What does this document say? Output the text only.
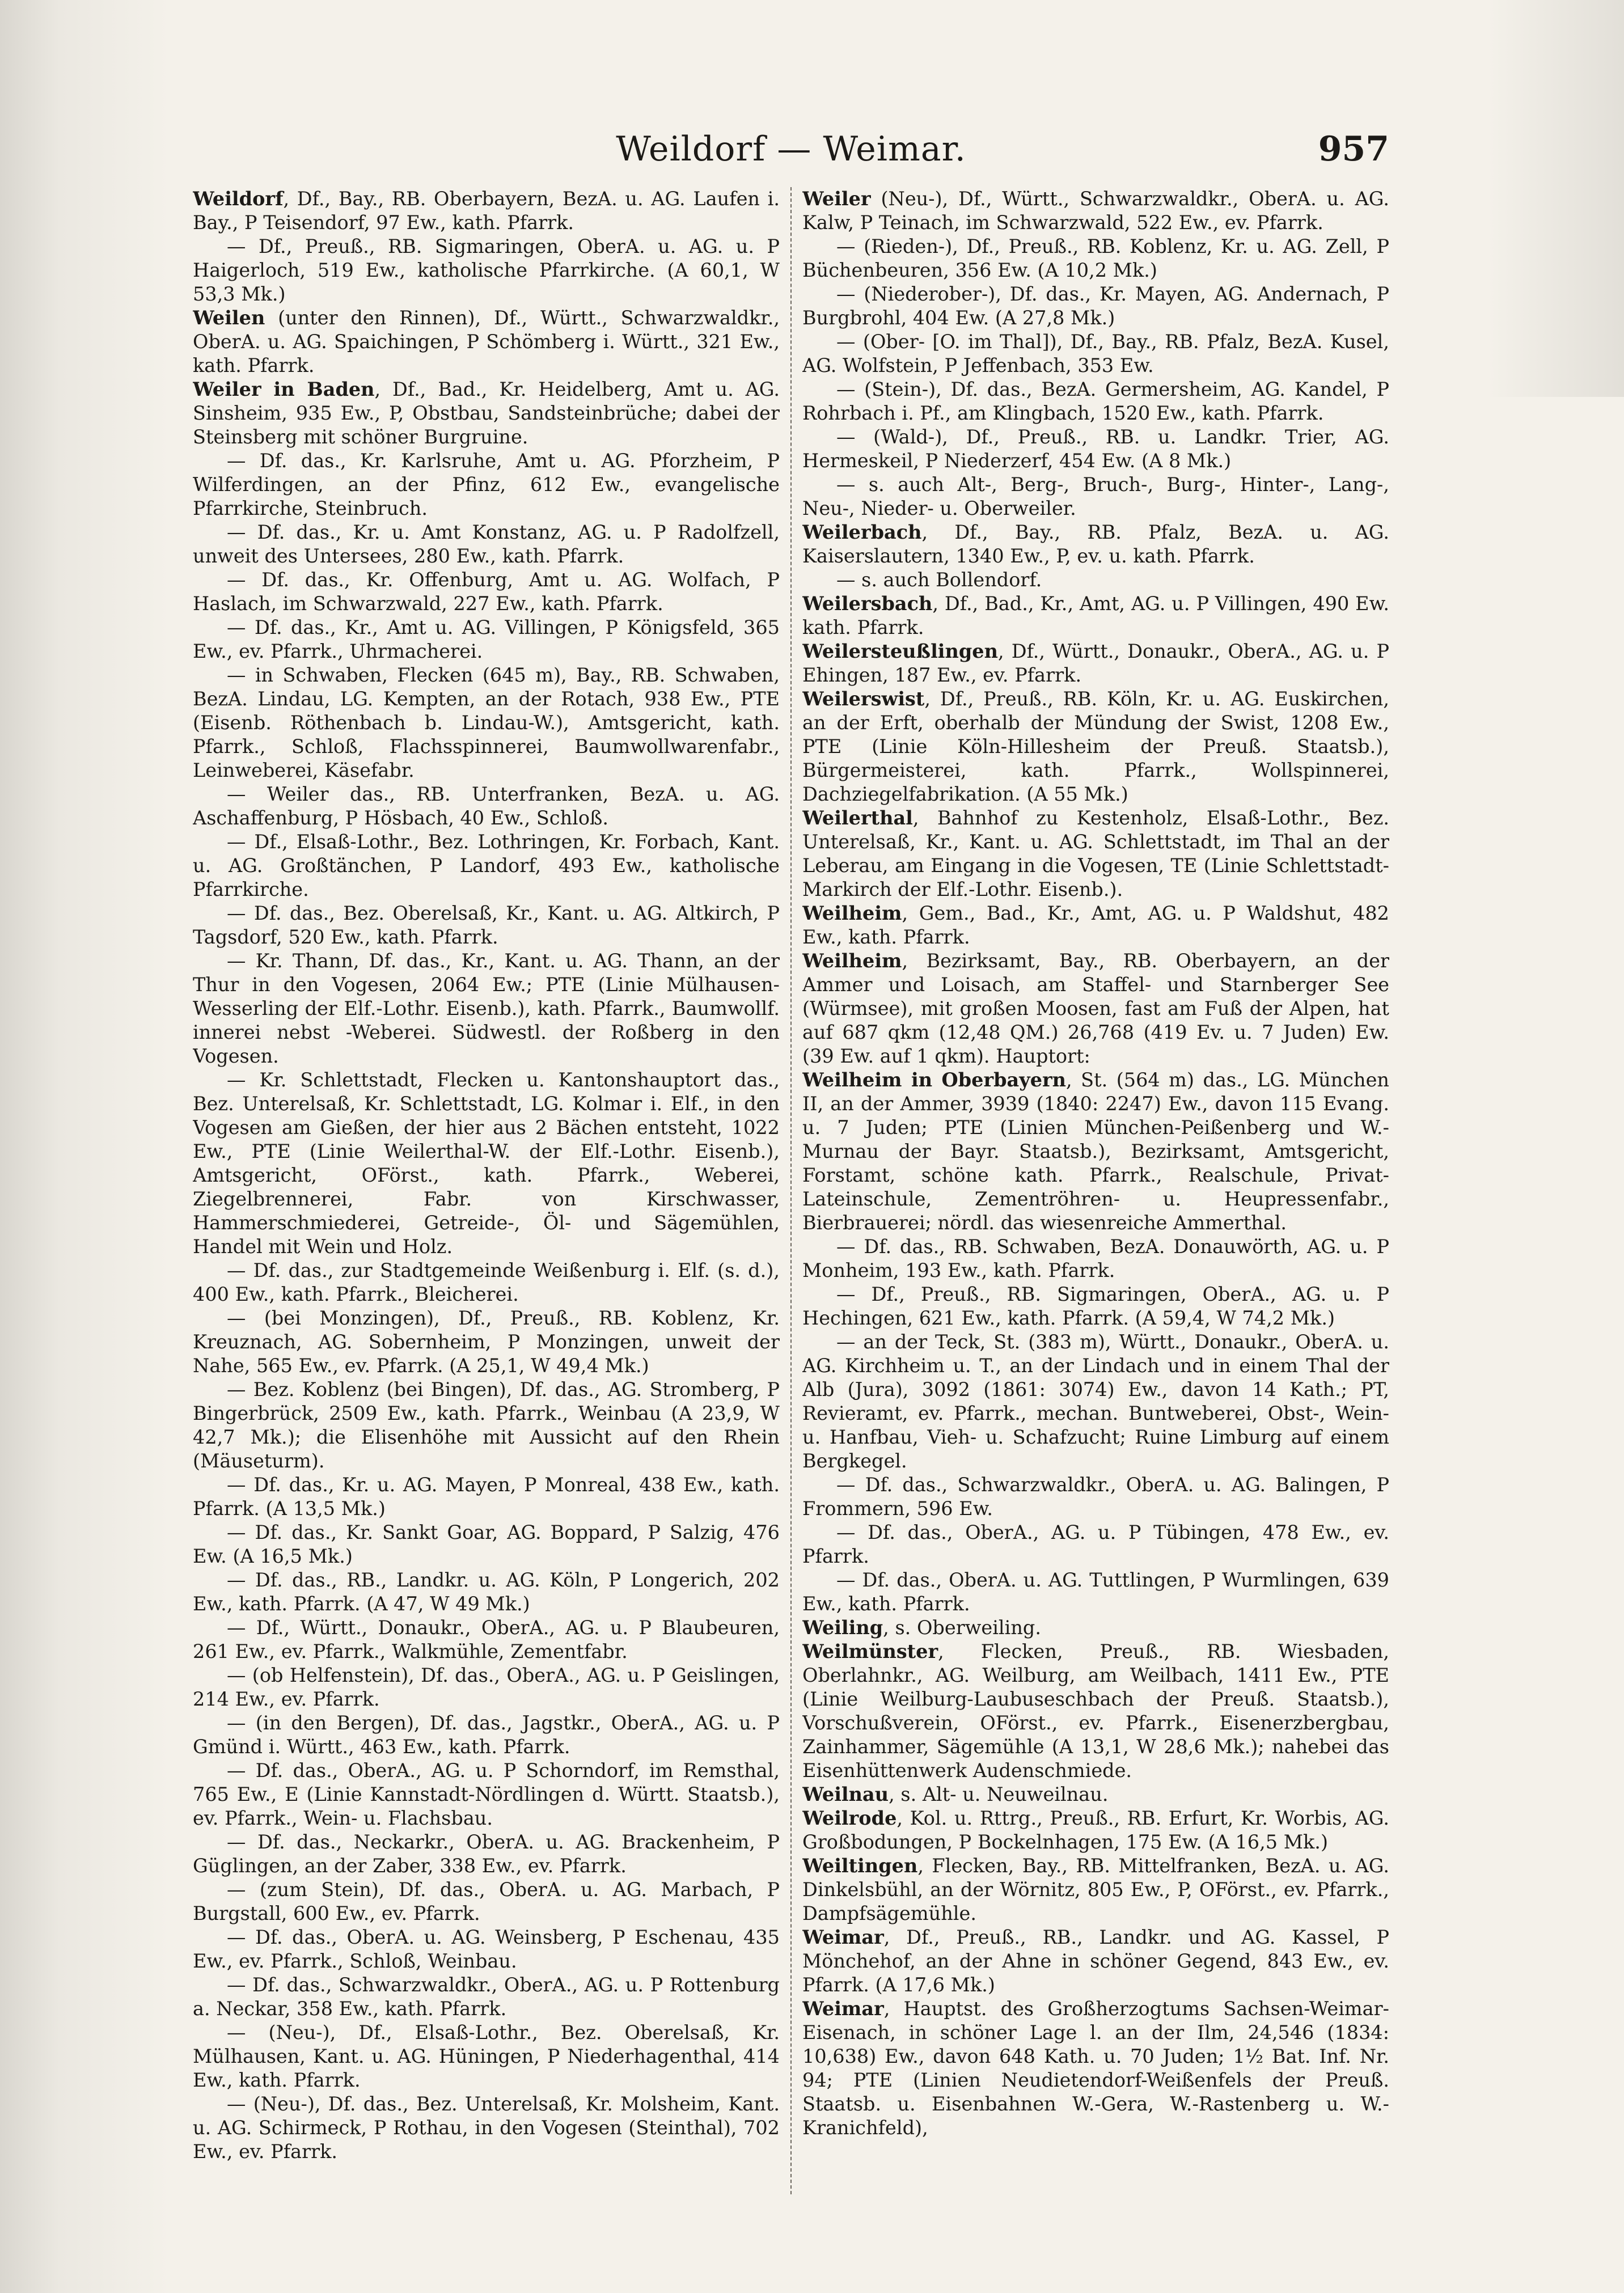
Weildorf — Weimar.	957

Weildorf, Df., Bay., RB. Oberbayern, BezA. u. AG. Laufen i. Bay., P Teisendorf, 97 Ew., kath. Pfarrk.

— Df., Preuß., RB. Sigmaringen, OberA. u. AG. u. P Haigerloch, 519 Ew., katholische Pfarrkirche. (A 60,1, W 53,3 Mk.)

Weilen (unter den Rinnen), Df., Württ., Schwarzwaldkr., OberA. u. AG. Spaichingen, P Schömberg i. Württ., 321 Ew., kath. Pfarrk.

Weiler in Baden, Df., Bad., Kr. Heidelberg, Amt u. AG. Sinsheim, 935 Ew., P, Obstbau, Sandsteinbrüche; dabei der Steinsberg mit schöner Burgruine.

— Df. das., Kr. Karlsruhe, Amt u. AG. Pforzheim, P Wilferdingen, an der Pfinz, 612 Ew., evangelische Pfarrkirche, Steinbruch.

— Df. das., Kr. u. Amt Konstanz, AG. u. P Radolfzell, unweit des Untersees, 280 Ew., kath. Pfarrk.

— Df. das., Kr. Offenburg, Amt u. AG. Wolfach, P Haslach, im Schwarzwald, 227 Ew., kath. Pfarrk.

— Df. das., Kr., Amt u. AG. Villingen, P Königsfeld, 365 Ew., ev. Pfarrk., Uhrmacherei.

— in Schwaben, Flecken (645 m), Bay., RB. Schwaben, BezA. Lindau, LG. Kempten, an der Rotach, 938 Ew., PTE (Eisenb. Röthenbach b. Lindau-W.), Amtsgericht, kath. Pfarrk., Schloß, Flachsspinnerei, Baumwollwarenfabr., Leinweberei, Käsefabr.

— Weiler das., RB. Unterfranken, BezA. u. AG. Aschaffenburg, P Hösbach, 40 Ew., Schloß.

— Df., Elsaß-Lothr., Bez. Lothringen, Kr. Forbach, Kant. u. AG. Großtänchen, P Landorf, 493 Ew., katholische Pfarrkirche.

— Df. das., Bez. Oberelsaß, Kr., Kant. u. AG. Altkirch, P Tagsdorf, 520 Ew., kath. Pfarrk.

— Kr. Thann, Df. das., Kr., Kant. u. AG. Thann, an der Thur in den Vogesen, 2064 Ew.; PTE (Linie Mülhausen-Wesserling der Elf.-Lothr. Eisenb.), kath. Pfarrk., Baumwollf. innerei nebst -Weberei. Südwestl. der Roßberg in den Vogesen.

— Kr. Schlettstadt, Flecken u. Kantonshauptort das., Bez. Unterelsaß, Kr. Schlettstadt, LG. Kolmar i. Elf., in den Vogesen am Gießen, der hier aus 2 Bächen entsteht, 1022 Ew., PTE (Linie Weilerthal-W. der Elf.-Lothr. Eisenb.), Amtsgericht, OFörst., kath. Pfarrk., Weberei, Ziegelbrennerei, Fabr. von Kirschwasser, Hammerschmiederei, Getreide-, Öl- und Sägemühlen, Handel mit Wein und Holz.

— Df. das., zur Stadtgemeinde Weißenburg i. Elf. (s. d.), 400 Ew., kath. Pfarrk., Bleicherei.

— (bei Monzingen), Df., Preuß., RB. Koblenz, Kr. Kreuznach, AG. Sobernheim, P Monzingen, unweit der Nahe, 565 Ew., ev. Pfarrk. (A 25,1, W 49,4 Mk.)

— Bez. Koblenz (bei Bingen), Df. das., AG. Stromberg, P Bingerbrück, 2509 Ew., kath. Pfarrk., Weinbau (A 23,9, W 42,7 Mk.); die Elisenhöhe mit Aussicht auf den Rhein (Mäuseturm).

— Df. das., Kr. u. AG. Mayen, P Monreal, 438 Ew., kath. Pfarrk. (A 13,5 Mk.)

— Df. das., Kr. Sankt Goar, AG. Boppard, P Salzig, 476 Ew. (A 16,5 Mk.)

— Df. das., RB., Landkr. u. AG. Köln, P Longerich, 202 Ew., kath. Pfarrk. (A 47, W 49 Mk.)

— Df., Württ., Donaukr., OberA., AG. u. P Blaubeuren, 261 Ew., ev. Pfarrk., Walkmühle, Zementfabr.

— (ob Helfenstein), Df. das., OberA., AG. u. P Geislingen, 214 Ew., ev. Pfarrk.

— (in den Bergen), Df. das., Jagstkr., OberA., AG. u. P Gmünd i. Württ., 463 Ew., kath. Pfarrk.

— Df. das., OberA., AG. u. P Schorndorf, im Remsthal, 765 Ew., E (Linie Kannstadt-Nördlingen d. Württ. Staatsb.), ev. Pfarrk., Wein- u. Flachsbau.

— Df. das., Neckarkr., OberA. u. AG. Brackenheim, P Güglingen, an der Zaber, 338 Ew., ev. Pfarrk.

— (zum Stein), Df. das., OberA. u. AG. Marbach, P Burgstall, 600 Ew., ev. Pfarrk.

— Df. das., OberA. u. AG. Weinsberg, P Eschenau, 435 Ew., ev. Pfarrk., Schloß, Weinbau.

— Df. das., Schwarzwaldkr., OberA., AG. u. P Rottenburg a. Neckar, 358 Ew., kath. Pfarrk.

— (Neu-), Df., Elsaß-Lothr., Bez. Oberelsaß, Kr. Mülhausen, Kant. u. AG. Hüningen, P Niederhagenthal, 414 Ew., kath. Pfarrk.

— (Neu-), Df. das., Bez. Unterelsaß, Kr. Molsheim, Kant. u. AG. Schirmeck, P Rothau, in den Vogesen (Steinthal), 702 Ew., ev. Pfarrk.

Weiler (Neu-), Df., Württ., Schwarzwaldkr., OberA. u. AG. Kalw, P Teinach, im Schwarzwald, 522 Ew., ev. Pfarrk.

— (Rieden-), Df., Preuß., RB. Koblenz, Kr. u. AG. Zell, P Büchenbeuren, 356 Ew. (A 10,2 Mk.)

— (Niederober-), Df. das., Kr. Mayen, AG. Andernach, P Burgbrohl, 404 Ew. (A 27,8 Mk.)

— (Ober- [O. im Thal]), Df., Bay., RB. Pfalz, BezA. Kusel, AG. Wolfstein, P Jeffenbach, 353 Ew.

— (Stein-), Df. das., BezA. Germersheim, AG. Kandel, P Rohrbach i. Pf., am Klingbach, 1520 Ew., kath. Pfarrk.

— (Wald-), Df., Preuß., RB. u. Landkr. Trier, AG. Hermeskeil, P Niederzerf, 454 Ew. (A 8 Mk.)

— s. auch Alt-, Berg-, Bruch-, Burg-, Hinter-, Lang-, Neu-, Nieder- u. Oberweiler.

Weilerbach, Df., Bay., RB. Pfalz, BezA. u. AG. Kaiserslautern, 1340 Ew., P, ev. u. kath. Pfarrk.

— s. auch Bollendorf.

Weilersbach, Df., Bad., Kr., Amt, AG. u. P Villingen, 490 Ew. kath. Pfarrk.

Weilersteußlingen, Df., Württ., Donaukr., OberA., AG. u. P Ehingen, 187 Ew., ev. Pfarrk.

Weilerswist, Df., Preuß., RB. Köln, Kr. u. AG. Euskirchen, an der Erft, oberhalb der Mündung der Swist, 1208 Ew., PTE (Linie Köln-Hillesheim der Preuß. Staatsb.), Bürgermeisterei, kath. Pfarrk., Wollspinnerei, Dachziegelfabrikation. (A 55 Mk.)

Weilerthal, Bahnhof zu Kestenholz, Elsaß-Lothr., Bez. Unterelsaß, Kr., Kant. u. AG. Schlettstadt, im Thal an der Leberau, am Eingang in die Vogesen, TE (Linie Schlettstadt-Markirch der Elf.-Lothr. Eisenb.).

Weilheim, Gem., Bad., Kr., Amt, AG. u. P Waldshut, 482 Ew., kath. Pfarrk.

Weilheim, Bezirksamt, Bay., RB. Oberbayern, an der Ammer und Loisach, am Staffel- und Starnberger See (Würmsee), mit großen Moosen, fast am Fuß der Alpen, hat auf 687 qkm (12,48 QM.) 26,768 (419 Ev. u. 7 Juden) Ew. (39 Ew. auf 1 qkm). Hauptort:

Weilheim in Oberbayern, St. (564 m) das., LG. München II, an der Ammer, 3939 (1840: 2247) Ew., davon 115 Evang. u. 7 Juden; PTE (Linien München-Peißenberg und W.-Murnau der Bayr. Staatsb.), Bezirksamt, Amtsgericht, Forstamt, schöne kath. Pfarrk., Realschule, Privat-Lateinschule, Zementröhren- u. Heupressenfabr., Bierbrauerei; nördl. das wiesenreiche Ammerthal.

— Df. das., RB. Schwaben, BezA. Donauwörth, AG. u. P Monheim, 193 Ew., kath. Pfarrk.

— Df., Preuß., RB. Sigmaringen, OberA., AG. u. P Hechingen, 621 Ew., kath. Pfarrk. (A 59,4, W 74,2 Mk.)

— an der Teck, St. (383 m), Württ., Donaukr., OberA. u. AG. Kirchheim u. T., an der Lindach und in einem Thal der Alb (Jura), 3092 (1861: 3074) Ew., davon 14 Kath.; PT, Revieramt, ev. Pfarrk., mechan. Buntweberei, Obst-, Wein- u. Hanfbau, Vieh- u. Schafzucht; Ruine Limburg auf einem Bergkegel.

— Df. das., Schwarzwaldkr., OberA. u. AG. Balingen, P Frommern, 596 Ew.

— Df. das., OberA., AG. u. P Tübingen, 478 Ew., ev. Pfarrk.

— Df. das., OberA. u. AG. Tuttlingen, P Wurmlingen, 639 Ew., kath. Pfarrk.

Weiling, s. Oberweiling.

Weilmünster, Flecken, Preuß., RB. Wiesbaden, Oberlahnkr., AG. Weilburg, am Weilbach, 1411 Ew., PTE (Linie Weilburg-Laubuseschbach der Preuß. Staatsb.), Vorschußverein, OFörst., ev. Pfarrk., Eisenerzbergbau, Zainhammer, Sägemühle (A 13,1, W 28,6 Mk.); nahebei das Eisenhüttenwerk Audenschmiede.

Weilnau, s. Alt- u. Neuweilnau.

Weilrode, Kol. u. Rttrg., Preuß., RB. Erfurt, Kr. Worbis, AG. Großbodungen, P Bockelnhagen, 175 Ew. (A 16,5 Mk.)

Weiltingen, Flecken, Bay., RB. Mittelfranken, BezA. u. AG. Dinkelsbühl, an der Wörnitz, 805 Ew., P, OFörst., ev. Pfarrk., Dampfsägemühle.

Weimar, Df., Preuß., RB., Landkr. und AG. Kassel, P Mönchehof, an der Ahne in schöner Gegend, 843 Ew., ev. Pfarrk. (A 17,6 Mk.)

Weimar, Hauptst. des Großherzogtums Sachsen-Weimar-Eisenach, in schöner Lage l. an der Ilm, 24,546 (1834: 10,638) Ew., davon 648 Kath. u. 70 Juden; 1½ Bat. Inf. Nr. 94; PTE (Linien Neudietendorf-Weißenfels der Preuß. Staatsb. u. Eisenbahnen W.-Gera, W.-Rastenberg u. W.-Kranichfeld),
